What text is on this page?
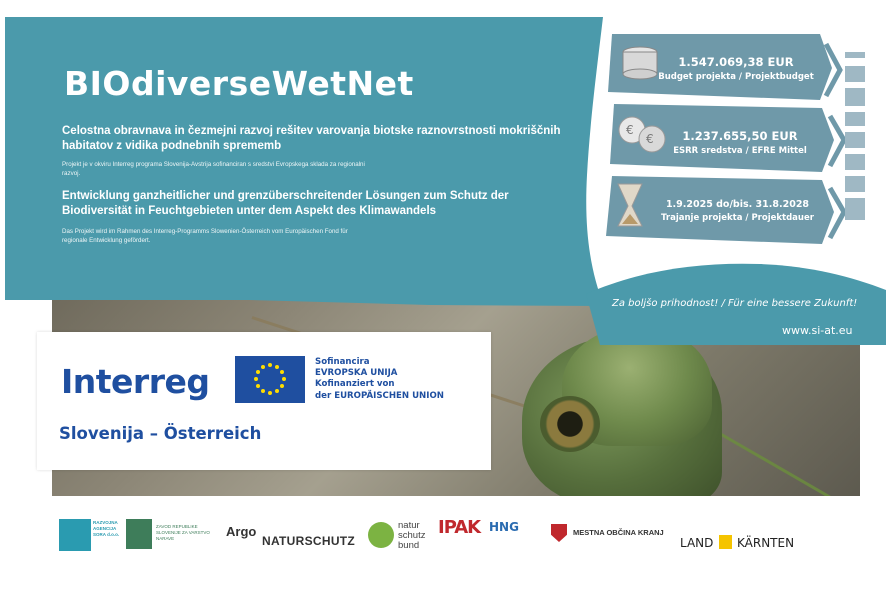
€
€
BIOdiverseWetNet
Celostna obravnava in čezmejni razvoj rešitev varovanja biotske raznovrstnosti mokriščnih habitatov z vidika podnebnih sprememb
Projekt je v okviru Interreg programa Slovenija-Avstrija sofinanciran s sredstvi Evropskega sklada za regionalni razvoj.
Entwicklung ganzheitlicher und grenzüberschreitender Lösungen zum Schutz der Biodiversität in Feuchtgebieten unter dem Aspekt des Klimawandels
Das Projekt wird im Rahmen des Interreg-Programms Slowenien-Österreich vom Europäischen Fond für regionale Entwicklung gefördert.
1.547.069,38 EUR
Budget projekta / Projektbudget
1.237.655,50 EUR
ESRR sredstva / EFRE Mittel
1.9.2025 do/bis. 31.8.2028
Trajanje projekta / Projektdauer
Za boljšo prihodnost! / Für eine bessere Zukunft!
www.si-at.eu
Interreg	Sofinancira
EVROPSKA UNIJA
Kofinanziert von
der EUROPÄISCHEN UNION
Slovenija – Österreich
RAZVOJNA AGENCIJA SORA d.o.o.
ZAVOD REPUBLIKE SLOVENIJE ZA VARSTVO NARAVE	Argo
NATURSCHUTZ
natur schutz bund
IPAK HNG	MESTNA OBČINA KRANJ
LAND KÄRNTEN
